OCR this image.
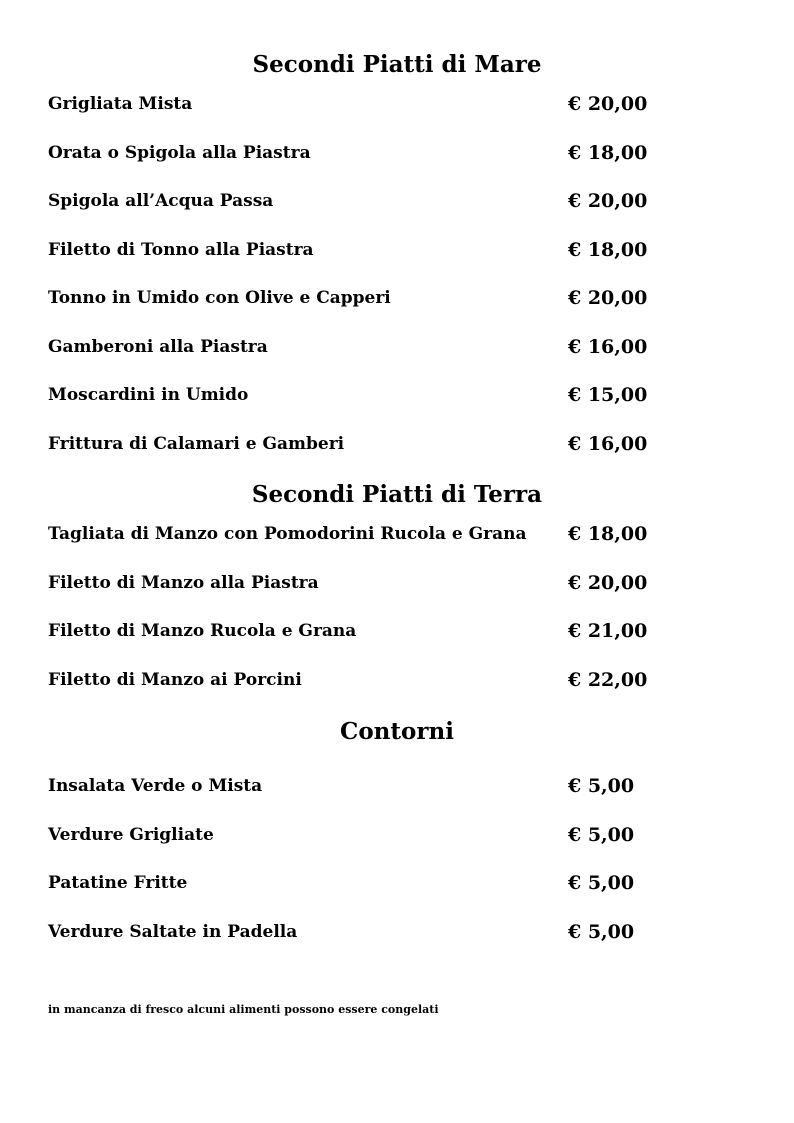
Secondi Piatti di Mare
Grigliata Mista	€ 20,00
Orata o Spigola alla Piastra	€ 18,00
Spigola all’Acqua Passa	€ 20,00
Filetto di Tonno alla Piastra	€ 18,00
Tonno in Umido con Olive e Capperi	€ 20,00
Gamberoni alla Piastra	€ 16,00
Moscardini in Umido	€ 15,00
Frittura di Calamari e Gamberi	€ 16,00
Secondi Piatti di Terra
Tagliata di Manzo con Pomodorini Rucola e Grana € 18,00
Filetto di Manzo alla Piastra	€ 20,00
Filetto di Manzo Rucola e Grana	€ 21,00
Filetto di Manzo ai Porcini	€ 22,00
Contorni
Insalata Verde o Mista	€ 5,00
Verdure Grigliate	€ 5,00
Patatine Fritte	€ 5,00
Verdure Saltate in Padella	€ 5,00
in mancanza di fresco alcuni alimenti possono essere congelati
